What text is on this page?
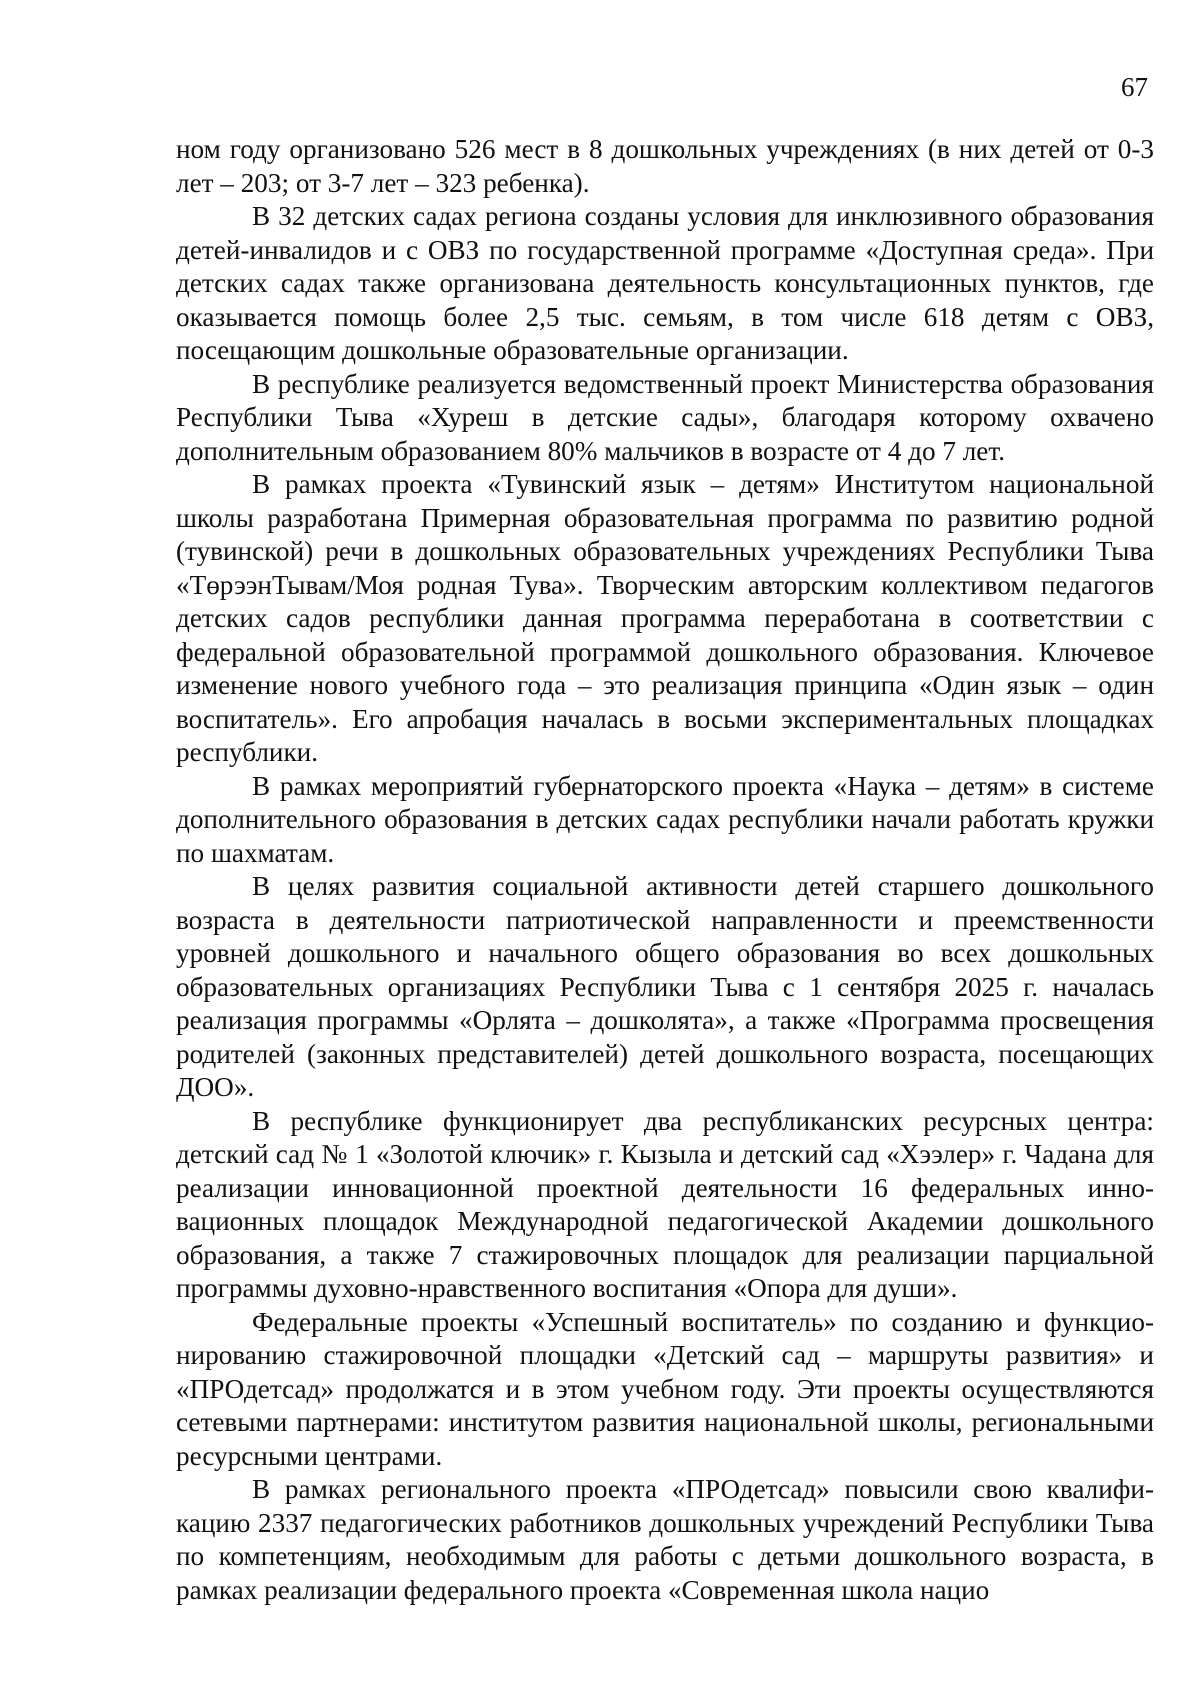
67

ном году организовано 526 мест в 8 дошкольных учреждениях (в них детей от 0-3 лет – 203; от 3-7 лет – 323 ребенка).

В 32 детских садах региона созданы условия для инклюзивного образования детей-инвалидов и с ОВЗ по государственной программе «Доступная среда». При детских садах также организована деятельность консультационных пунктов, где оказывается помощь более 2,5 тыс. семьям, в том числе 618 детям с ОВЗ, посещающим дошкольные образовательные организации.

В республике реализуется ведомственный проект Министерства образования Республики Тыва «Хуреш в детские сады», благодаря которому охвачено дополнительным образованием 80% мальчиков в возрасте от 4 до 7 лет.

В рамках проекта «Тувинский язык – детям» Институтом национальной школы разработана Примерная образовательная программа по развитию родной (тувинской) речи в дошкольных образовательных учреждениях Республики Тыва «ТөрээнТывам/Моя родная Тува». Творческим авторским коллективом педагогов детских садов республики данная программа переработана в соответствии с федеральной образовательной программой дошкольного образования. Ключевое изменение нового учебного года – это реализация принципа «Один язык – один воспитатель». Его апробация началась в восьми экспериментальных площадках республики.

В рамках мероприятий губернаторского проекта «Наука – детям» в системе дополнительного образования в детских садах республики начали работать кружки по шахматам.

В целях развития социальной активности детей старшего дошкольного возраста в деятельности патриотической направленности и преемственности уровней дошкольного и начального общего образования во всех дошкольных образовательных организациях Республики Тыва с 1 сентября 2025 г. началась реализация программы «Орлята – дошколята», а также «Программа просвещения родителей (законных представителей) детей дошкольного возраста, посещающих ДОО».

В республике функционирует два республиканских ресурсных центра: детский сад № 1 «Золотой ключик» г. Кызыла и детский сад «Хээлер» г. Чадана для реализации инновационной проектной деятельности 16 федеральных инновационных площадок Международной педагогической Академии дошкольного образования, а также 7 стажировочных площадок для реализации парциальной программы духовно-нравственного воспитания «Опора для души».

Федеральные проекты «Успешный воспитатель» по созданию и функционированию стажировочной площадки «Детский сад – маршруты развития» и «ПРОдетсад» продолжатся и в этом учебном году. Эти проекты осуществляются сетевыми партнерами: институтом развития национальной школы, региональными ресурсными центрами.

В рамках регионального проекта «ПРОдетсад» повысили свою квалификацию 2337 педагогических работников дошкольных учреждений Республики Тыва по компетенциям, необходимым для работы с детьми дошкольного возраста, в рамках реализации федерального проекта «Современная школа нацио
